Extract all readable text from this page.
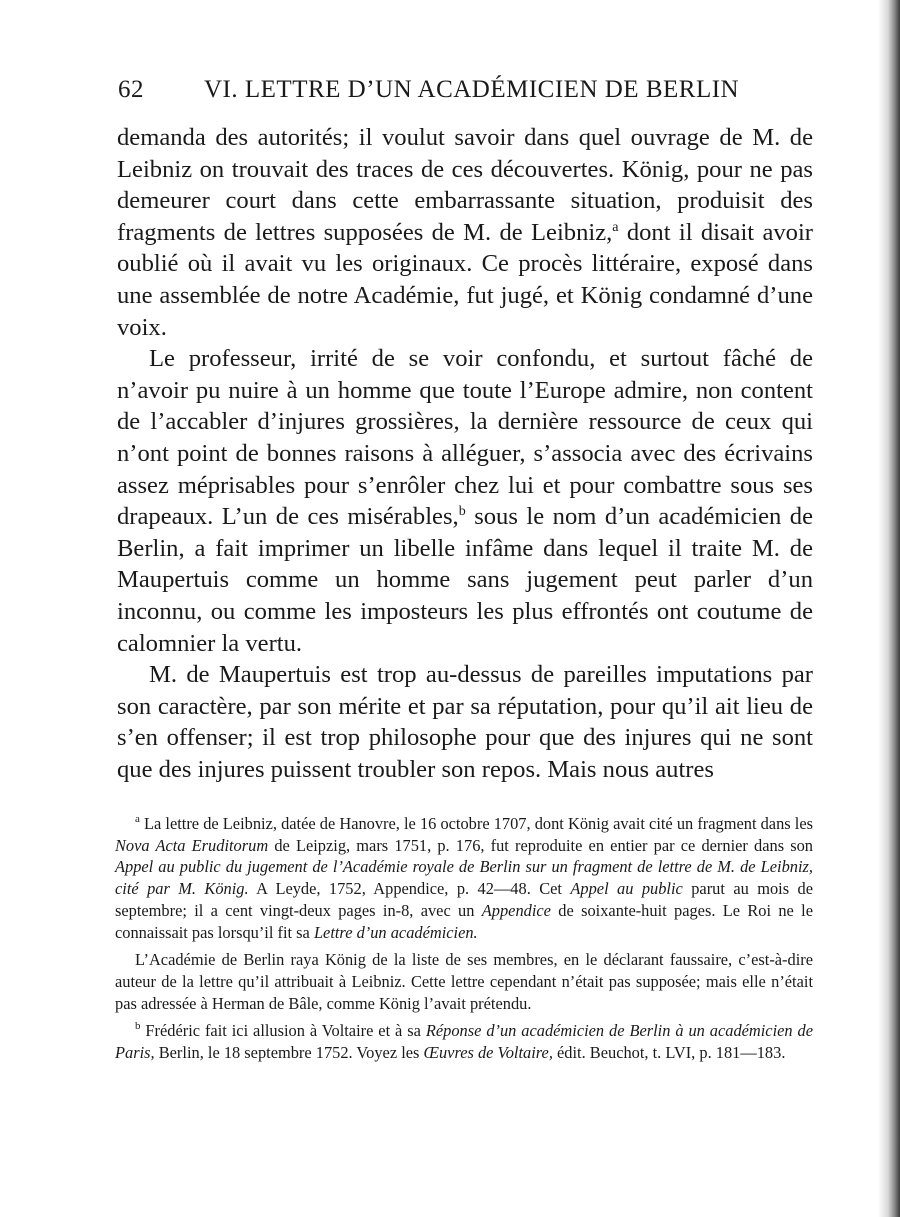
62 VI. LETTRE D’UN ACADÉMICIEN DE BERLIN

demanda des autorités; il voulut savoir dans quel ouvrage de M. de Leibniz on trouvait des traces de ces découvertes. König, pour ne pas demeurer court dans cette embarrassante situation, produisit des fragments de lettres supposées de M. de Leibniz,$^a$ dont il disait avoir oublié où il avait vu les originaux. Ce procès littéraire, exposé dans une assemblée de notre Académie, fut jugé, et König condamné d’une voix.

Le professeur, irrité de se voir confondu, et surtout fâché de n’avoir pu nuire à un homme que toute l’Europe admire, non content de l’accabler d’injures grossières, la dernière ressource de ceux qui n’ont point de bonnes raisons à alléguer, s’associa avec des écrivains assez méprisables pour s’enrôler chez lui et pour combattre sous ses drapeaux. L’un de ces misérables,$^b$ sous le nom d’un académicien de Berlin, a fait imprimer un libelle infâme dans lequel il traite M. de Maupertuis comme un homme sans jugement peut parler d’un inconnu, ou comme les imposteurs les plus effrontés ont coutume de calomnier la vertu.

M. de Maupertuis est trop au-dessus de pareilles imputations par son caractère, par son mérite et par sa réputation, pour qu’il ait lieu de s’en offenser; il est trop philosophe pour que des injures qui ne sont que des injures puissent troubler son repos. Mais nous autres

$^a$ La lettre de Leibniz, datée de Hanovre, le 16 octobre 1707, dont König avait cité un fragment dans les Nova Acta Eruditorum de Leipzig, mars 1751, p. 176, fut reproduite en entier par ce dernier dans son Appel au public du jugement de l’Académie royale de Berlin sur un fragment de lettre de M. de Leibniz, cité par M. König. A Leyde, 1752, Appendice, p. 42—48. Cet Appel au public parut au mois de septembre; il a cent vingt-deux pages in-8, avec un Appendice de soixante-huit pages. Le Roi ne le connaissait pas lorsqu’il fit sa Lettre d’un académicien.

L’Académie de Berlin raya König de la liste de ses membres, en le déclarant faussaire, c’est-à-dire auteur de la lettre qu’il attribuait à Leibniz. Cette lettre cependant n’était pas supposée; mais elle n’était pas adressée à Herman de Bâle, comme König l’avait prétendu.

$^b$ Frédéric fait ici allusion à Voltaire et à sa Réponse d’un académicien de Berlin à un académicien de Paris, Berlin, le 18 septembre 1752. Voyez les Œuvres de Voltaire, édit. Beuchot, t. LVI, p. 181—183.
